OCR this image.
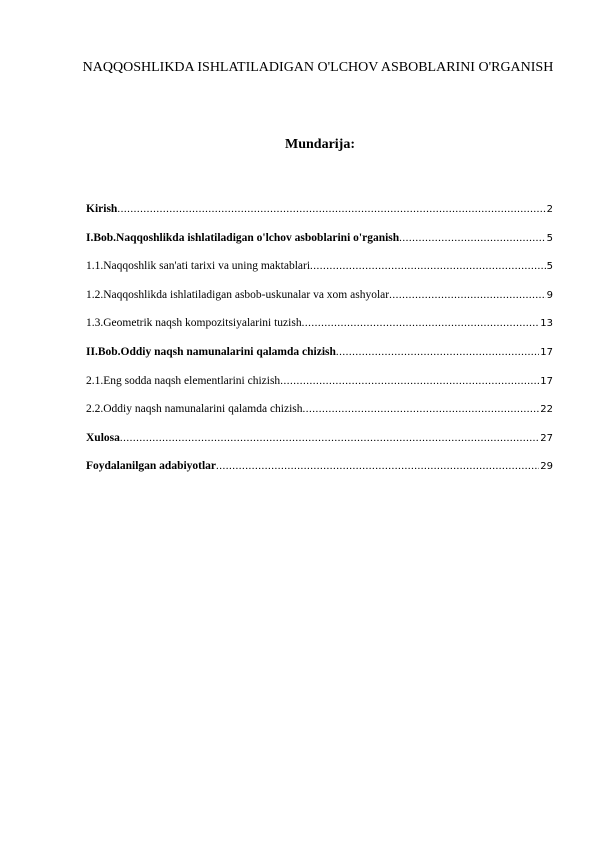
NAQQOSHLIKDA ISHLATILADIGAN O'LCHOV ASBOBLARINI O'RGANISH
Mundarija:
Kirish .....	2
I.Bob.Naqqoshlikda ishlatiladigan o'lchov asboblarini o'rganish .....	5
1.1.Naqqoshlik san'ati tarixi va uning maktablari .....	5
1.2.Naqqoshlikda ishlatiladigan asbob-uskunalar va xom ashyolar .....	9
1.3.Geometrik naqsh kompozitsiyalarini tuzish .....	13
II.Bob.Oddiy naqsh namunalarini qalamda chizish .....	17
2.1.Eng sodda naqsh elementlarini chizish .....	17
2.2.Oddiy naqsh namunalarini qalamda chizish .....	22
Xulosa .....	27
Foydalanilgan adabiyotlar .....	29
